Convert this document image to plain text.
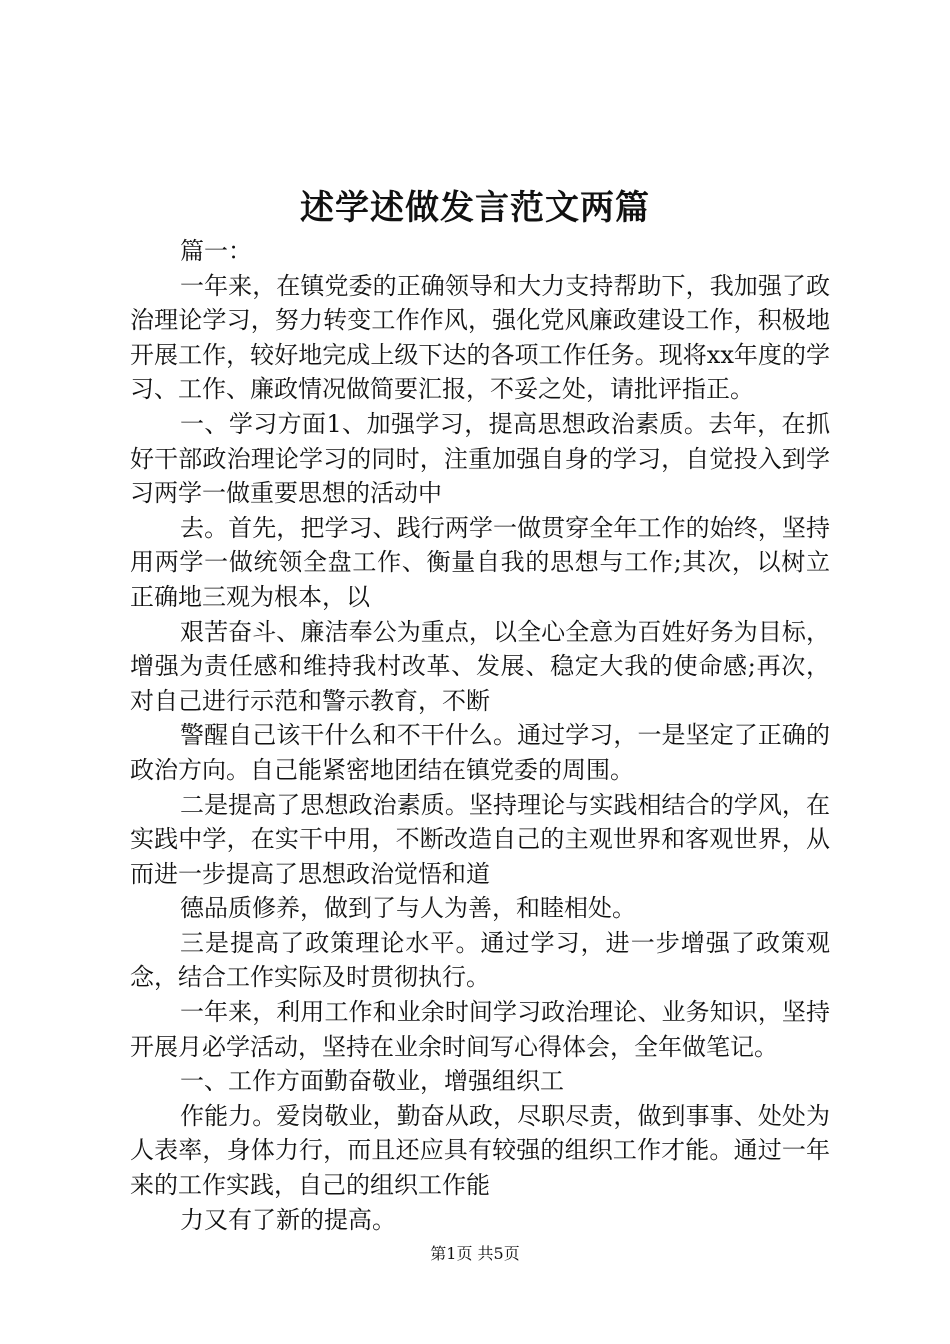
述学述做发言范文两篇

篇一：

一年来，在镇党委的正确领导和大力支持帮助下，我加强了政治理论学习，努力转变工作作风，强化党风廉政建设工作，积极地开展工作，较好地完成上级下达的各项工作任务。现将xx年度的学习、工作、廉政情况做简要汇报，不妥之处，请批评指正。

一、学习方面1、加强学习，提高思想政治素质。去年，在抓好干部政治理论学习的同时，注重加强自身的学习，自觉投入到学习两学一做重要思想的活动中

去。首先，把学习、践行两学一做贯穿全年工作的始终，坚持用两学一做统领全盘工作、衡量自我的思想与工作;其次，以树立正确地三观为根本，以

艰苦奋斗、廉洁奉公为重点，以全心全意为百姓好务为目标，增强为责任感和维持我村改革、发展、稳定大我的使命感;再次，对自己进行示范和警示教育，不断

警醒自己该干什么和不干什么。通过学习，一是坚定了正确的政治方向。自己能紧密地团结在镇党委的周围。

二是提高了思想政治素质。坚持理论与实践相结合的学风，在实践中学，在实干中用，不断改造自己的主观世界和客观世界，从而进一步提高了思想政治觉悟和道

德品质修养，做到了与人为善，和睦相处。

三是提高了政策理论水平。通过学习，进一步增强了政策观念，结合工作实际及时贯彻执行。

一年来，利用工作和业余时间学习政治理论、业务知识，坚持开展月必学活动，坚持在业余时间写心得体会，全年做笔记。

一、工作方面勤奋敬业，增强组织工

作能力。爱岗敬业，勤奋从政，尽职尽责，做到事事、处处为人表率，身体力行，而且还应具有较强的组织工作才能。通过一年来的工作实践，自己的组织工作能

力又有了新的提高。

第1页 共5页
